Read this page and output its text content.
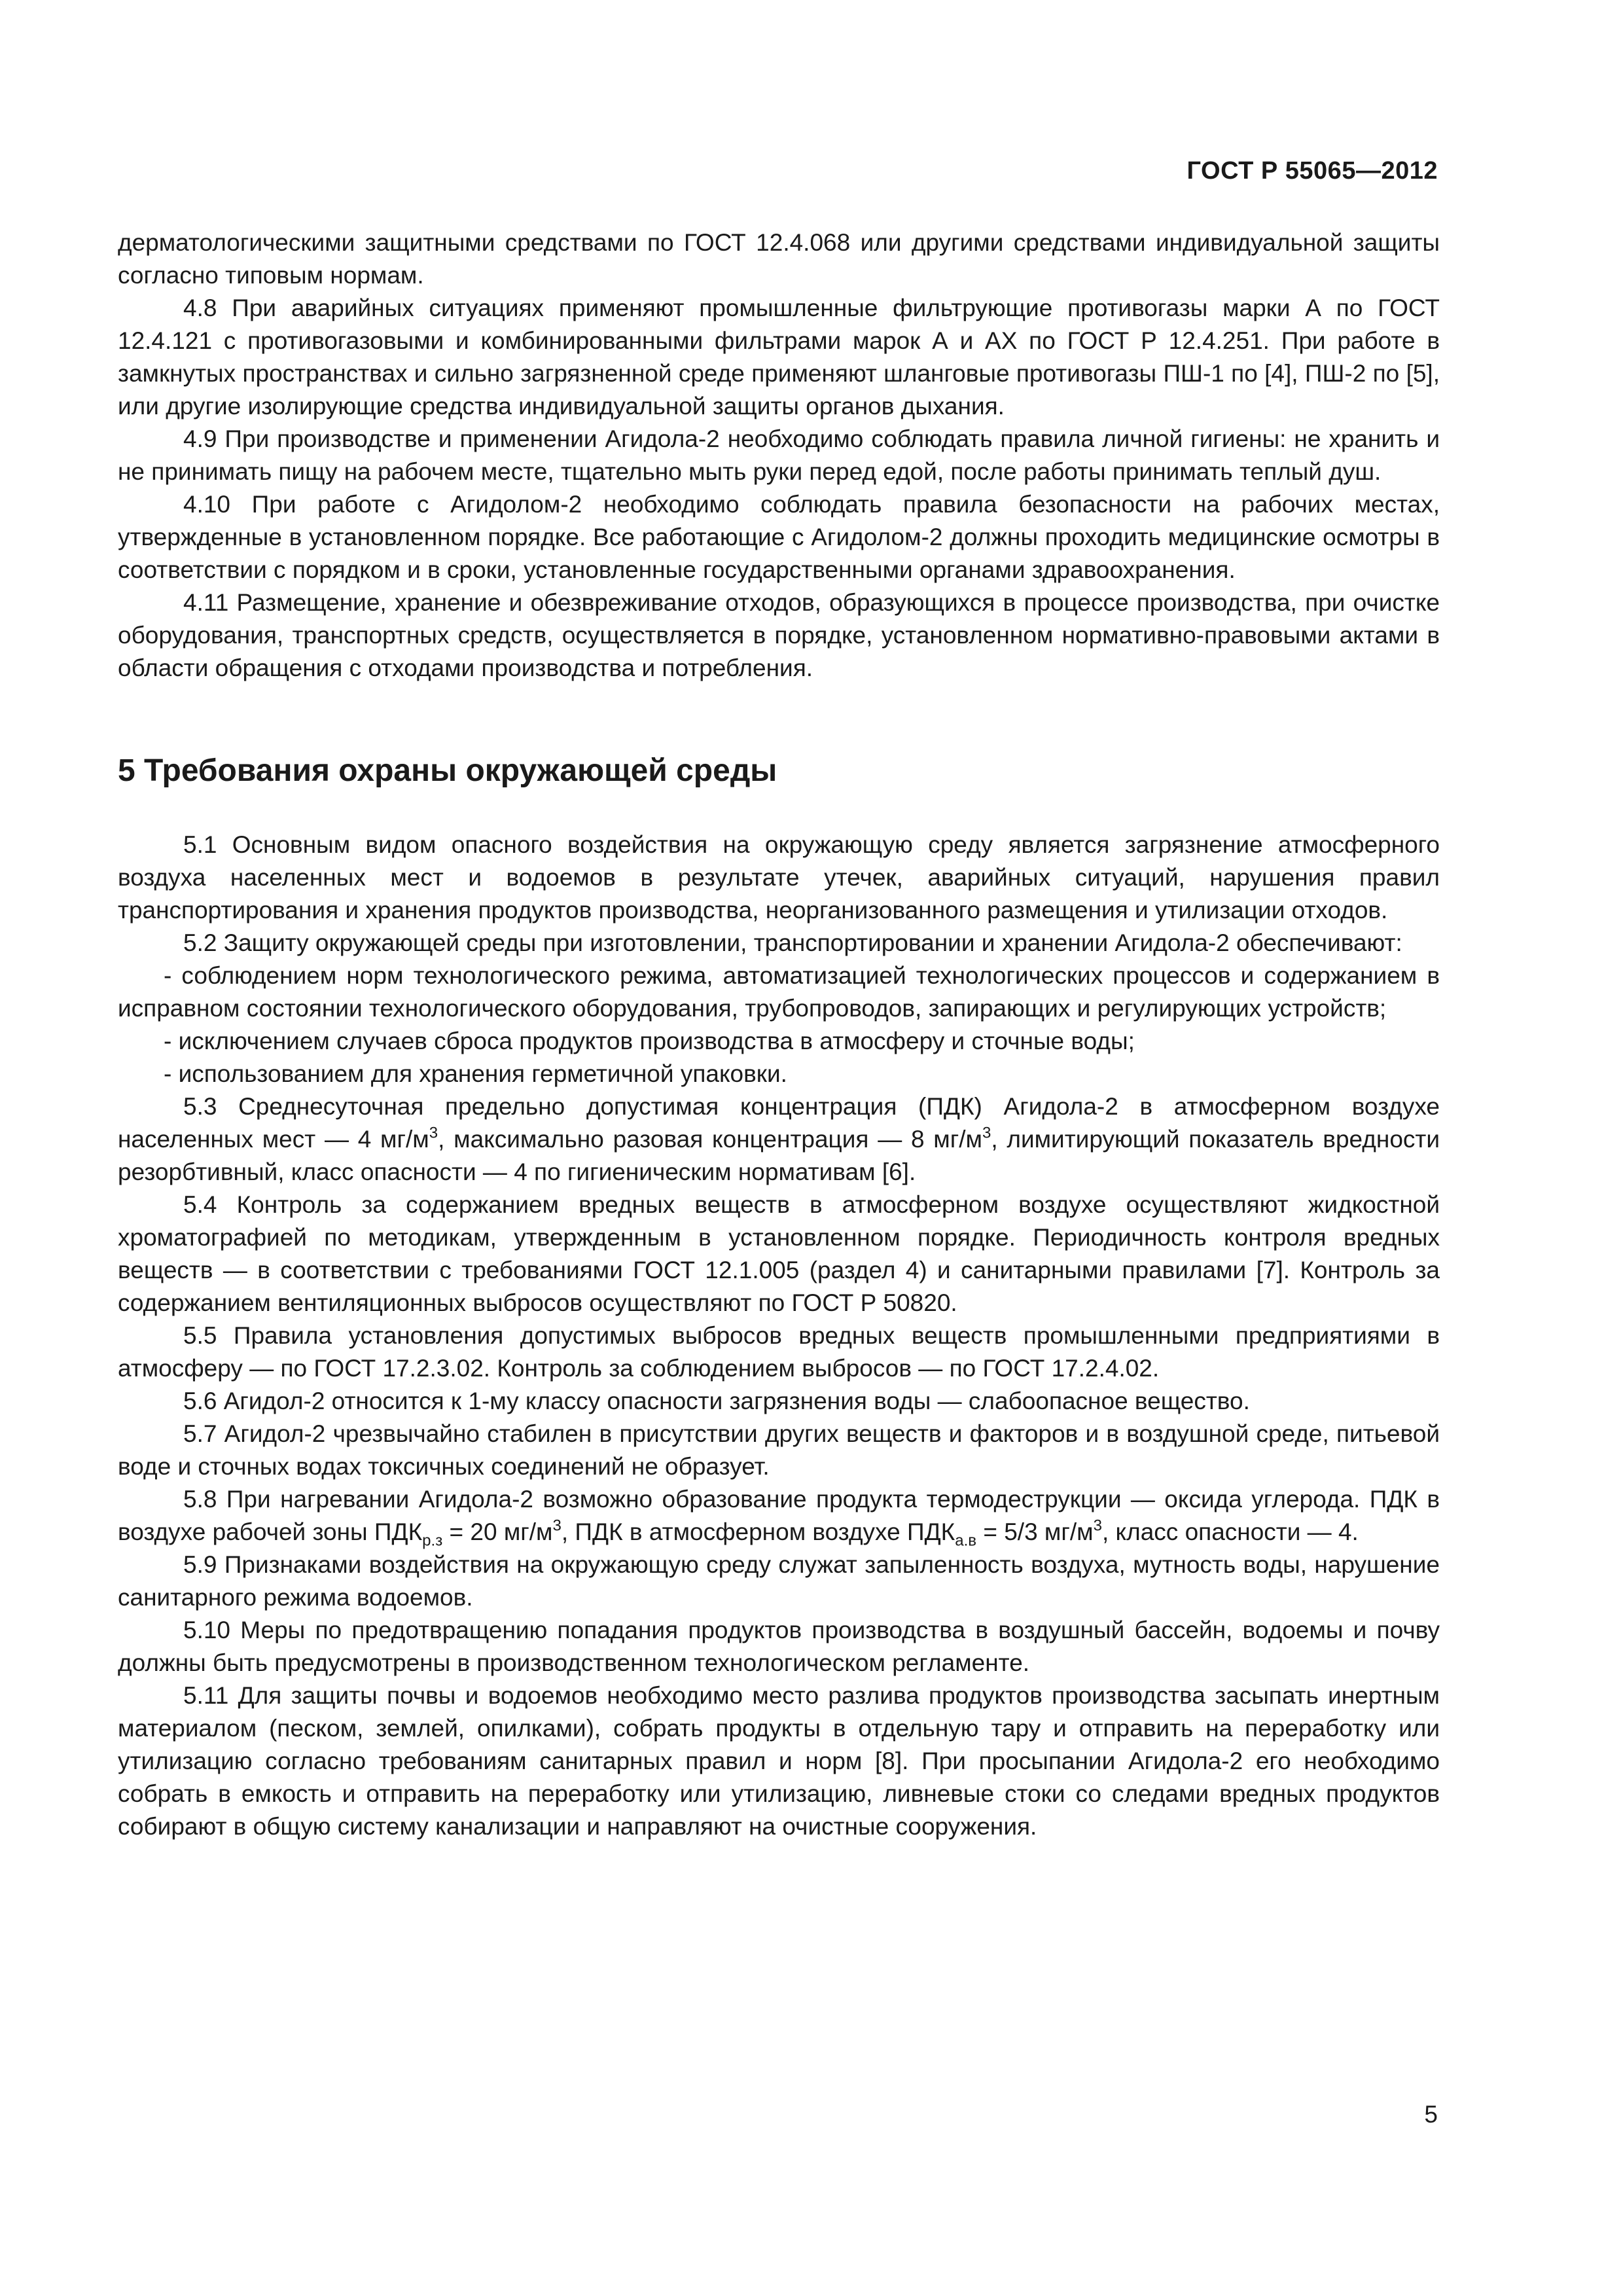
ГОСТ Р 55065—2012

дерматологическими защитными средствами по ГОСТ 12.4.068 или другими средствами индивидуальной защиты согласно типовым нормам.

4.8 При аварийных ситуациях применяют промышленные фильтрующие противогазы марки А по ГОСТ 12.4.121 с противогазовыми и комбинированными фильтрами марок А и АХ по ГОСТ Р 12.4.251. При работе в замкнутых пространствах и сильно загрязненной среде применяют шланговые противогазы ПШ-1 по [4], ПШ-2 по [5], или другие изолирующие средства индивидуальной защиты органов дыхания.

4.9 При производстве и применении Агидола-2 необходимо соблюдать правила личной гигиены: не хранить и не принимать пищу на рабочем месте, тщательно мыть руки перед едой, после работы принимать теплый душ.

4.10 При работе с Агидолом-2 необходимо соблюдать правила безопасности на рабочих местах, утвержденные в установленном порядке. Все работающие с Агидолом-2 должны проходить медицинские осмотры в соответствии с порядком и в сроки, установленные государственными органами здравоохранения.

4.11 Размещение, хранение и обезвреживание отходов, образующихся в процессе производства, при очистке оборудования, транспортных средств, осуществляется в порядке, установленном нормативно-правовыми актами в области обращения с отходами производства и потребления.

5 Требования охраны окружающей среды

5.1 Основным видом опасного воздействия на окружающую среду является загрязнение атмосферного воздуха населенных мест и водоемов в результате утечек, аварийных ситуаций, нарушения правил транспортирования и хранения продуктов производства, неорганизованного размещения и утилизации отходов.

5.2 Защиту окружающей среды при изготовлении, транспортировании и хранении Агидола-2 обеспечивают:

- соблюдением норм технологического режима, автоматизацией технологических процессов и содержанием в исправном состоянии технологического оборудования, трубопроводов, запирающих и регулирующих устройств;

- исключением случаев сброса продуктов производства в атмосферу и сточные воды;

- использованием для хранения герметичной упаковки.

5.3 Среднесуточная предельно допустимая концентрация (ПДК) Агидола-2 в атмосферном воздухе населенных мест — 4 $мг/м^3$, максимально разовая концентрация — 8 $мг/м^3$, лимитирующий показатель вредности резорбтивный, класс опасности — 4 по гигиеническим нормативам [6].

5.4 Контроль за содержанием вредных веществ в атмосферном воздухе осуществляют жидкостной хроматографией по методикам, утвержденным в установленном порядке. Периодичность контроля вредных веществ — в соответствии с требованиями ГОСТ 12.1.005 (раздел 4) и санитарными правилами [7]. Контроль за содержанием вентиляционных выбросов осуществляют по ГОСТ Р 50820.

5.5 Правила установления допустимых выбросов вредных веществ промышленными предприятиями в атмосферу — по ГОСТ 17.2.3.02. Контроль за соблюдением выбросов — по ГОСТ 17.2.4.02.

5.6 Агидол-2 относится к 1-му классу опасности загрязнения воды — слабоопасное вещество.

5.7 Агидол-2 чрезвычайно стабилен в присутствии других веществ и факторов и в воздушной среде, питьевой воде и сточных водах токсичных соединений не образует.

5.8 При нагревании Агидола-2 возможно образование продукта термодеструкции — оксида углерода. ПДК в воздухе рабочей зоны $ПДК_{р.з} = 20$ $мг/м^3$, ПДК в атмосферном воздухе $ПДК_{а.в} = 5/3$ $мг/м^3$, класс опасности — 4.

5.9 Признаками воздействия на окружающую среду служат запыленность воздуха, мутность воды, нарушение санитарного режима водоемов.

5.10 Меры по предотвращению попадания продуктов производства в воздушный бассейн, водоемы и почву должны быть предусмотрены в производственном технологическом регламенте.

5.11 Для защиты почвы и водоемов необходимо место разлива продуктов производства засыпать инертным материалом (песком, землей, опилками), собрать продукты в отдельную тару и отправить на переработку или утилизацию согласно требованиям санитарных правил и норм [8]. При просыпании Агидола-2 его необходимо собрать в емкость и отправить на переработку или утилизацию, ливневые стоки со следами вредных продуктов собирают в общую систему канализации и направляют на очистные сооружения.

5
